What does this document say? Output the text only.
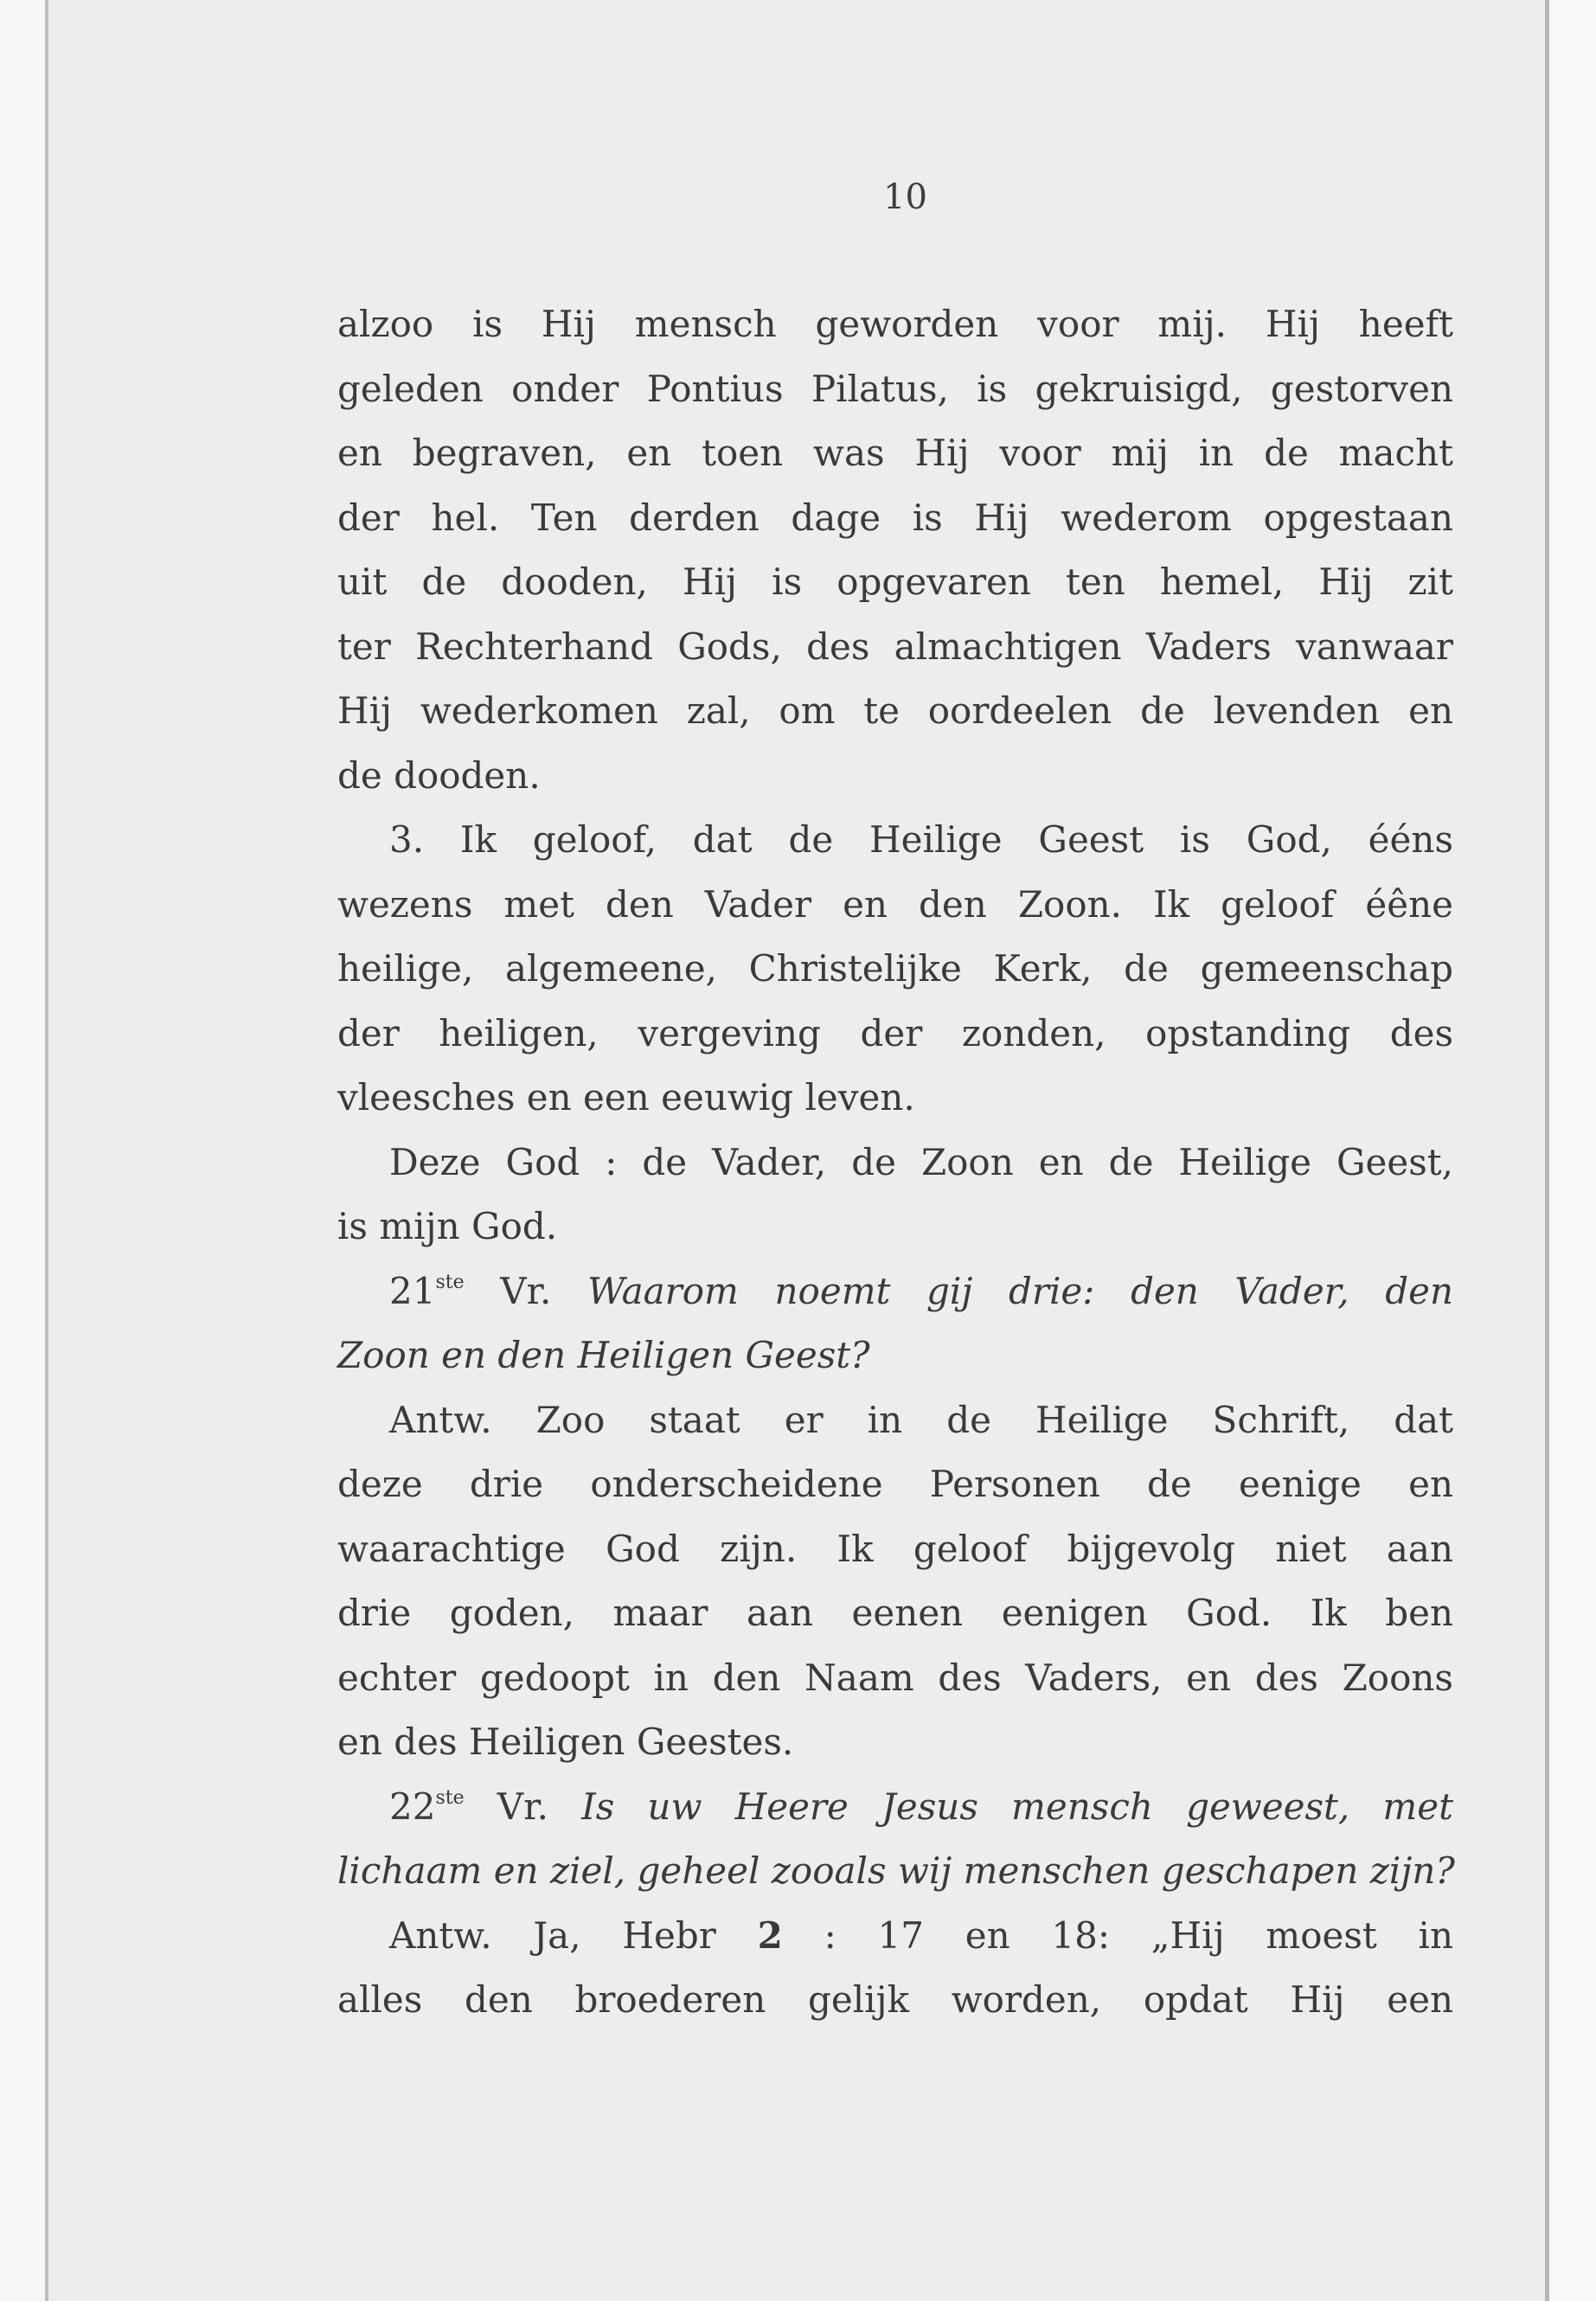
10
alzoo is Hij mensch geworden voor mij. Hij heeft
geleden onder Pontius Pilatus, is gekruisigd, gestorven
en begraven, en toen was Hij voor mij in de macht
der hel. Ten derden dage is Hij wederom opgestaan
uit de dooden, Hij is opgevaren ten hemel, Hij zit
ter Rechterhand Gods, des almachtigen Vaders vanwaar
Hij wederkomen zal, om te oordeelen de levenden en
de dooden.
3. Ik geloof, dat de Heilige Geest is God, ééns
wezens met den Vader en den Zoon. Ik geloof éêne
heilige, algemeene, Christelijke Kerk, de gemeenschap
der heiligen, vergeving der zonden, opstanding des
vleesches en een eeuwig leven.
Deze God : de Vader, de Zoon en de Heilige Geest,
is mijn God.
21ste Vr. Waarom noemt gij drie: den Vader, den
Zoon en den Heiligen Geest?
Antw. Zoo staat er in de Heilige Schrift, dat
deze drie onderscheidene Personen de eenige en
waarachtige God zijn. Ik geloof bijgevolg niet aan
drie goden, maar aan eenen eenigen God. Ik ben
echter gedoopt in den Naam des Vaders, en des Zoons
en des Heiligen Geestes.
22ste Vr. Is uw Heere Jesus mensch geweest, met
lichaam en ziel, geheel zooals wij menschen geschapen zijn?
Antw. Ja, Hebr 2 : 17 en 18: „Hij moest in
alles den broederen gelijk worden, opdat Hij een
